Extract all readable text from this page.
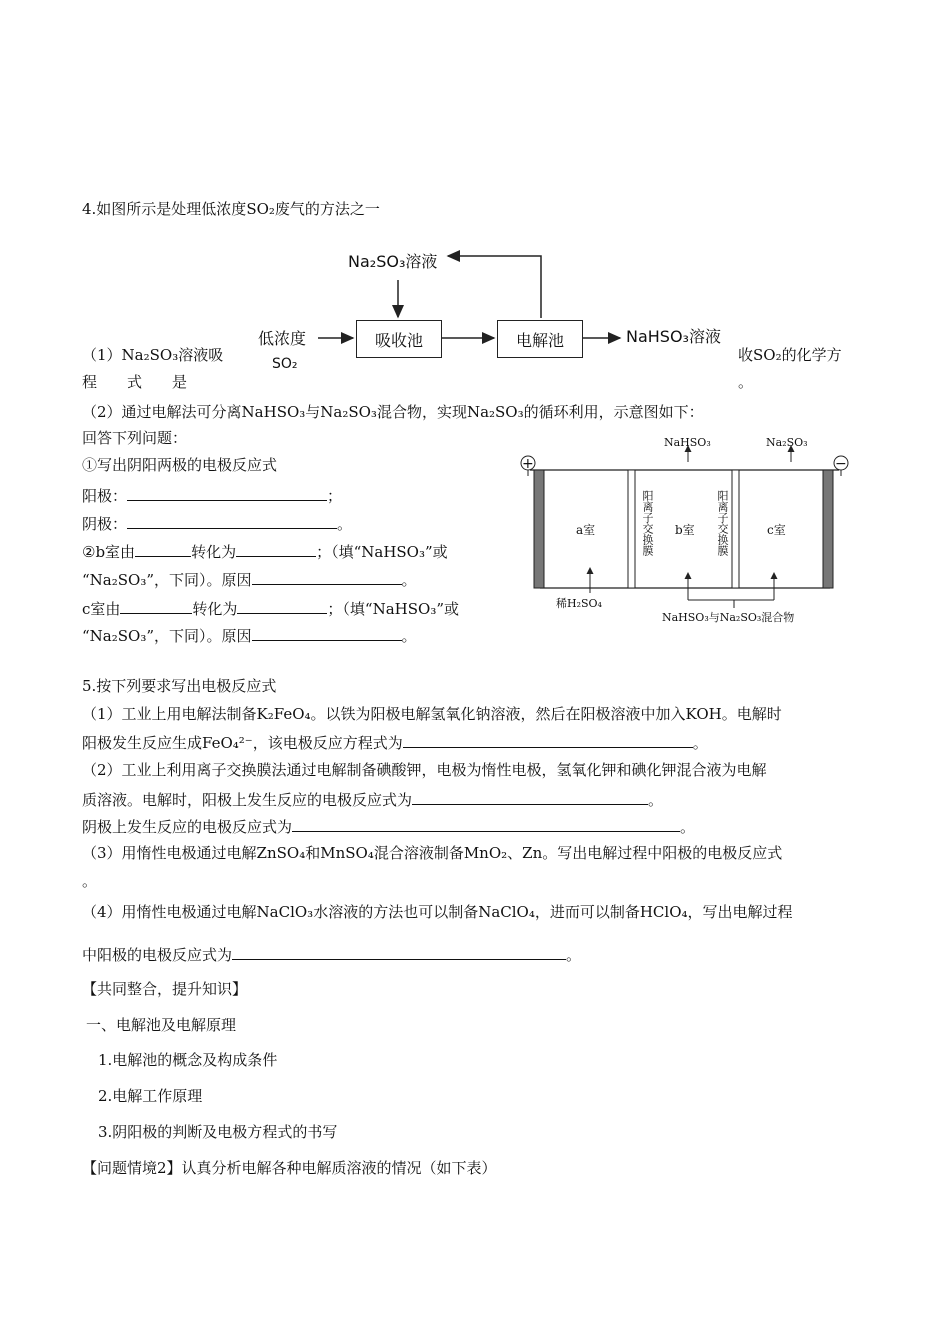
4.如图所示是处理低浓度SO₂废气的方法之一
Na₂SO₃溶液
低浓度
SO₂
吸收池	电解池	NaHSO₃溶液
（1）Na₂SO₃溶液吸	收SO₂的化学方
程　　式　　是	。
（2）通过电解法可分离NaHSO₃与Na₂SO₃混合物，实现Na₂SO₃的循环利用，示意图如下：
回答下列问题：
①写出阴阳两极的电极反应式
阳极：	；
阴极：	。
②b室由	转化为	；（填“NaHSO₃”或
“Na₂SO₃”，下同）。原因	。
c室由	转化为	；（填“NaHSO₃”或
“Na₂SO₃”，下同）。原因	。
+	−
NaHSO₃	Na₂SO₃
a室	b室	c室
阳离子交换膜	阳离子交换膜
稀H₂SO₄
NaHSO₃与Na₂SO₃混合物
5.按下列要求写出电极反应式
（1）工业上用电解法制备K₂FeO₄。以铁为阳极电解氢氧化钠溶液，然后在阳极溶液中加入KOH。电解时
阳极发生反应生成FeO₄²⁻，该电极反应方程式为	。
（2）工业上利用离子交换膜法通过电解制备碘酸钾，电极为惰性电极，氢氧化钾和碘化钾混合液为电解
质溶液。电解时，阳极上发生反应的电极反应式为	。
阴极上发生反应的电极反应式为	。
（3）用惰性电极通过电解ZnSO₄和MnSO₄混合溶液制备MnO₂、Zn。写出电解过程中阳极的电极反应式
。
（4）用惰性电极通过电解NaClO₃水溶液的方法也可以制备NaClO₄，进而可以制备HClO₄，写出电解过程
中阳极的电极反应式为	。
【共同整合，提升知识】
一、电解池及电解原理
1.电解池的概念及构成条件
2.电解工作原理
3.阴阳极的判断及电极方程式的书写
【问题情境2】认真分析电解各种电解质溶液的情况（如下表）
